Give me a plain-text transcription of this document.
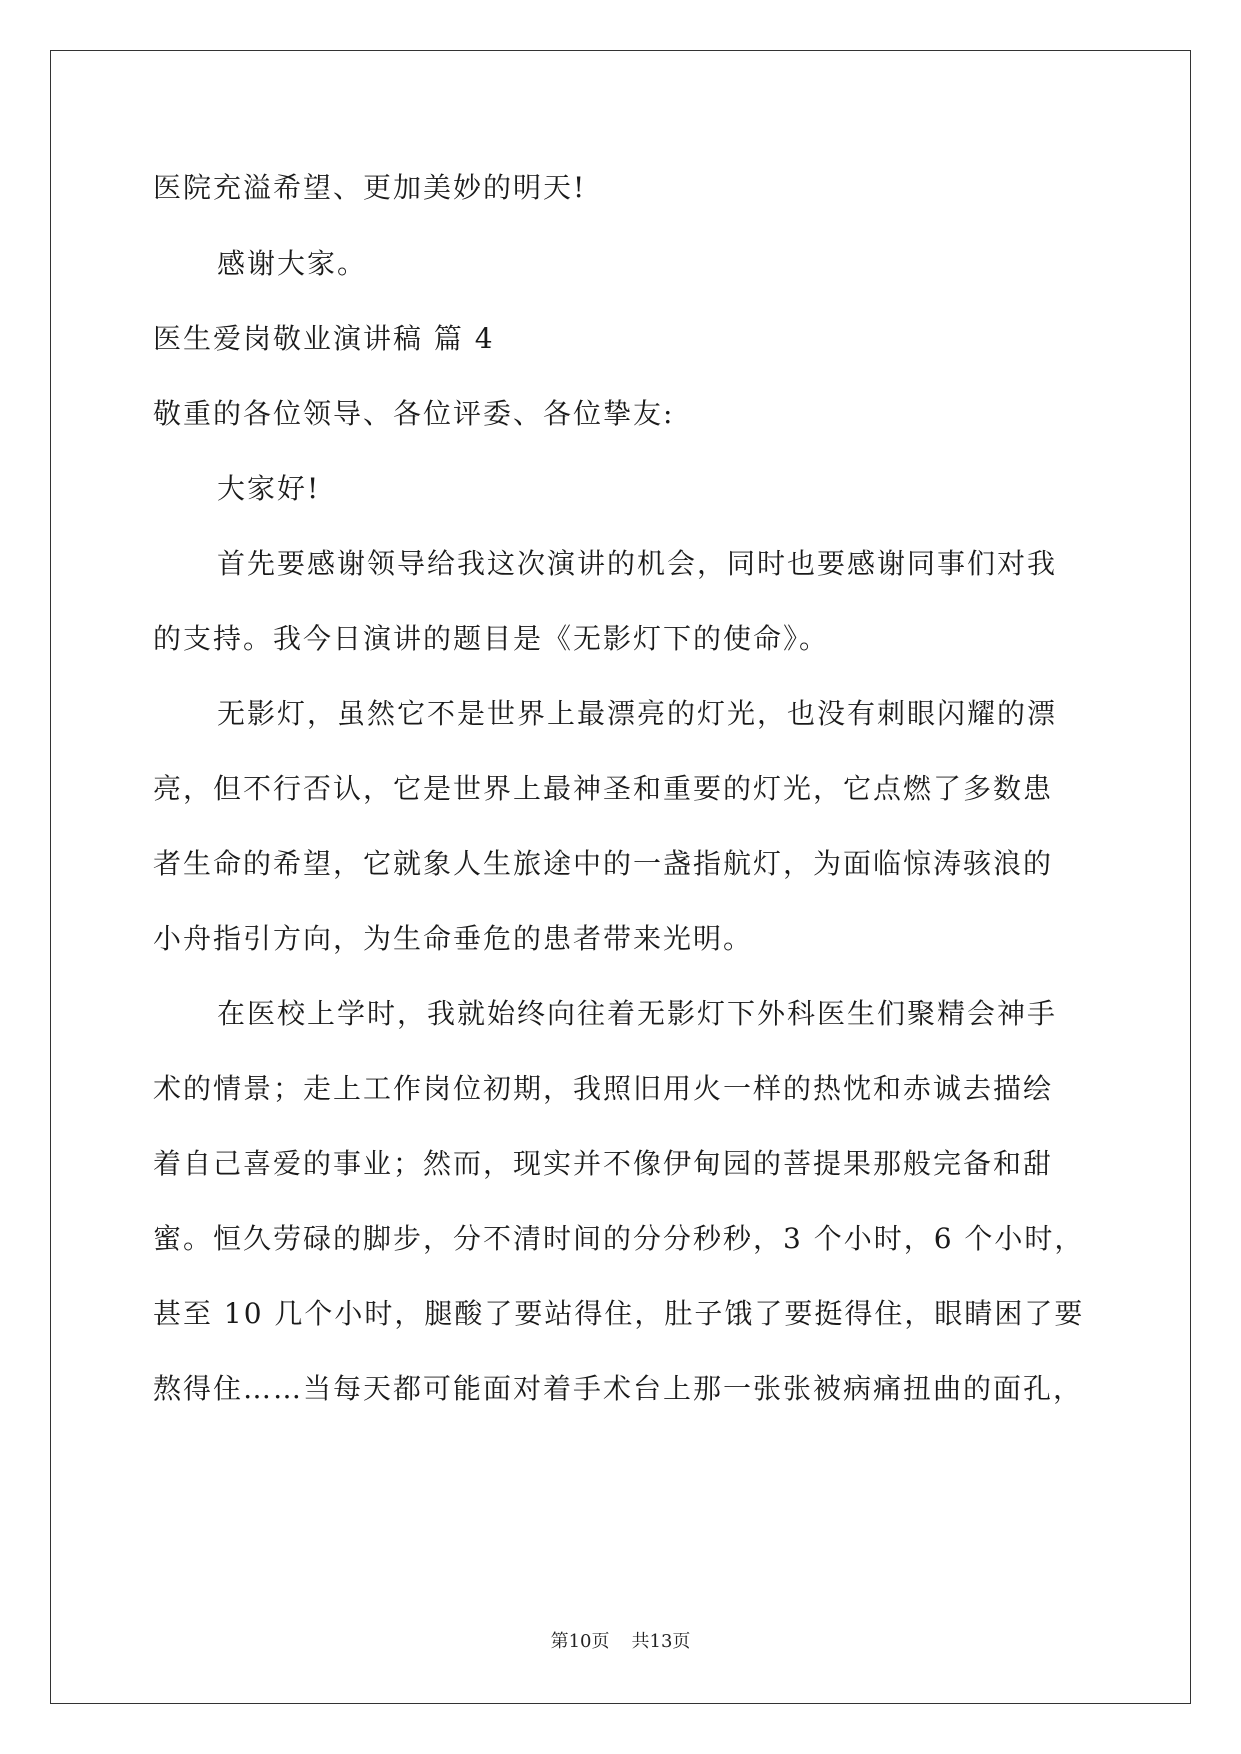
医院充溢希望、更加美妙的明天!
感谢大家。
医生爱岗敬业演讲稿 篇 4
敬重的各位领导、各位评委、各位挚友:
大家好!
首先要感谢领导给我这次演讲的机会，同时也要感谢同事们对我
的支持。我今日演讲的题目是《无影灯下的使命》。
无影灯，虽然它不是世界上最漂亮的灯光，也没有刺眼闪耀的漂
亮，但不行否认，它是世界上最神圣和重要的灯光，它点燃了多数患
者生命的希望，它就象人生旅途中的一盏指航灯，为面临惊涛骇浪的
小舟指引方向，为生命垂危的患者带来光明。
在医校上学时，我就始终向往着无影灯下外科医生们聚精会神手
术的情景；走上工作岗位初期，我照旧用火一样的热忱和赤诚去描绘
着自己喜爱的事业；然而，现实并不像伊甸园的菩提果那般完备和甜
蜜。恒久劳碌的脚步，分不清时间的分分秒秒，3 个小时，6 个小时，
甚至 10 几个小时，腿酸了要站得住，肚子饿了要挺得住，眼睛困了要
熬得住……当每天都可能面对着手术台上那一张张被病痛扭曲的面孔，
第10页 共13页
